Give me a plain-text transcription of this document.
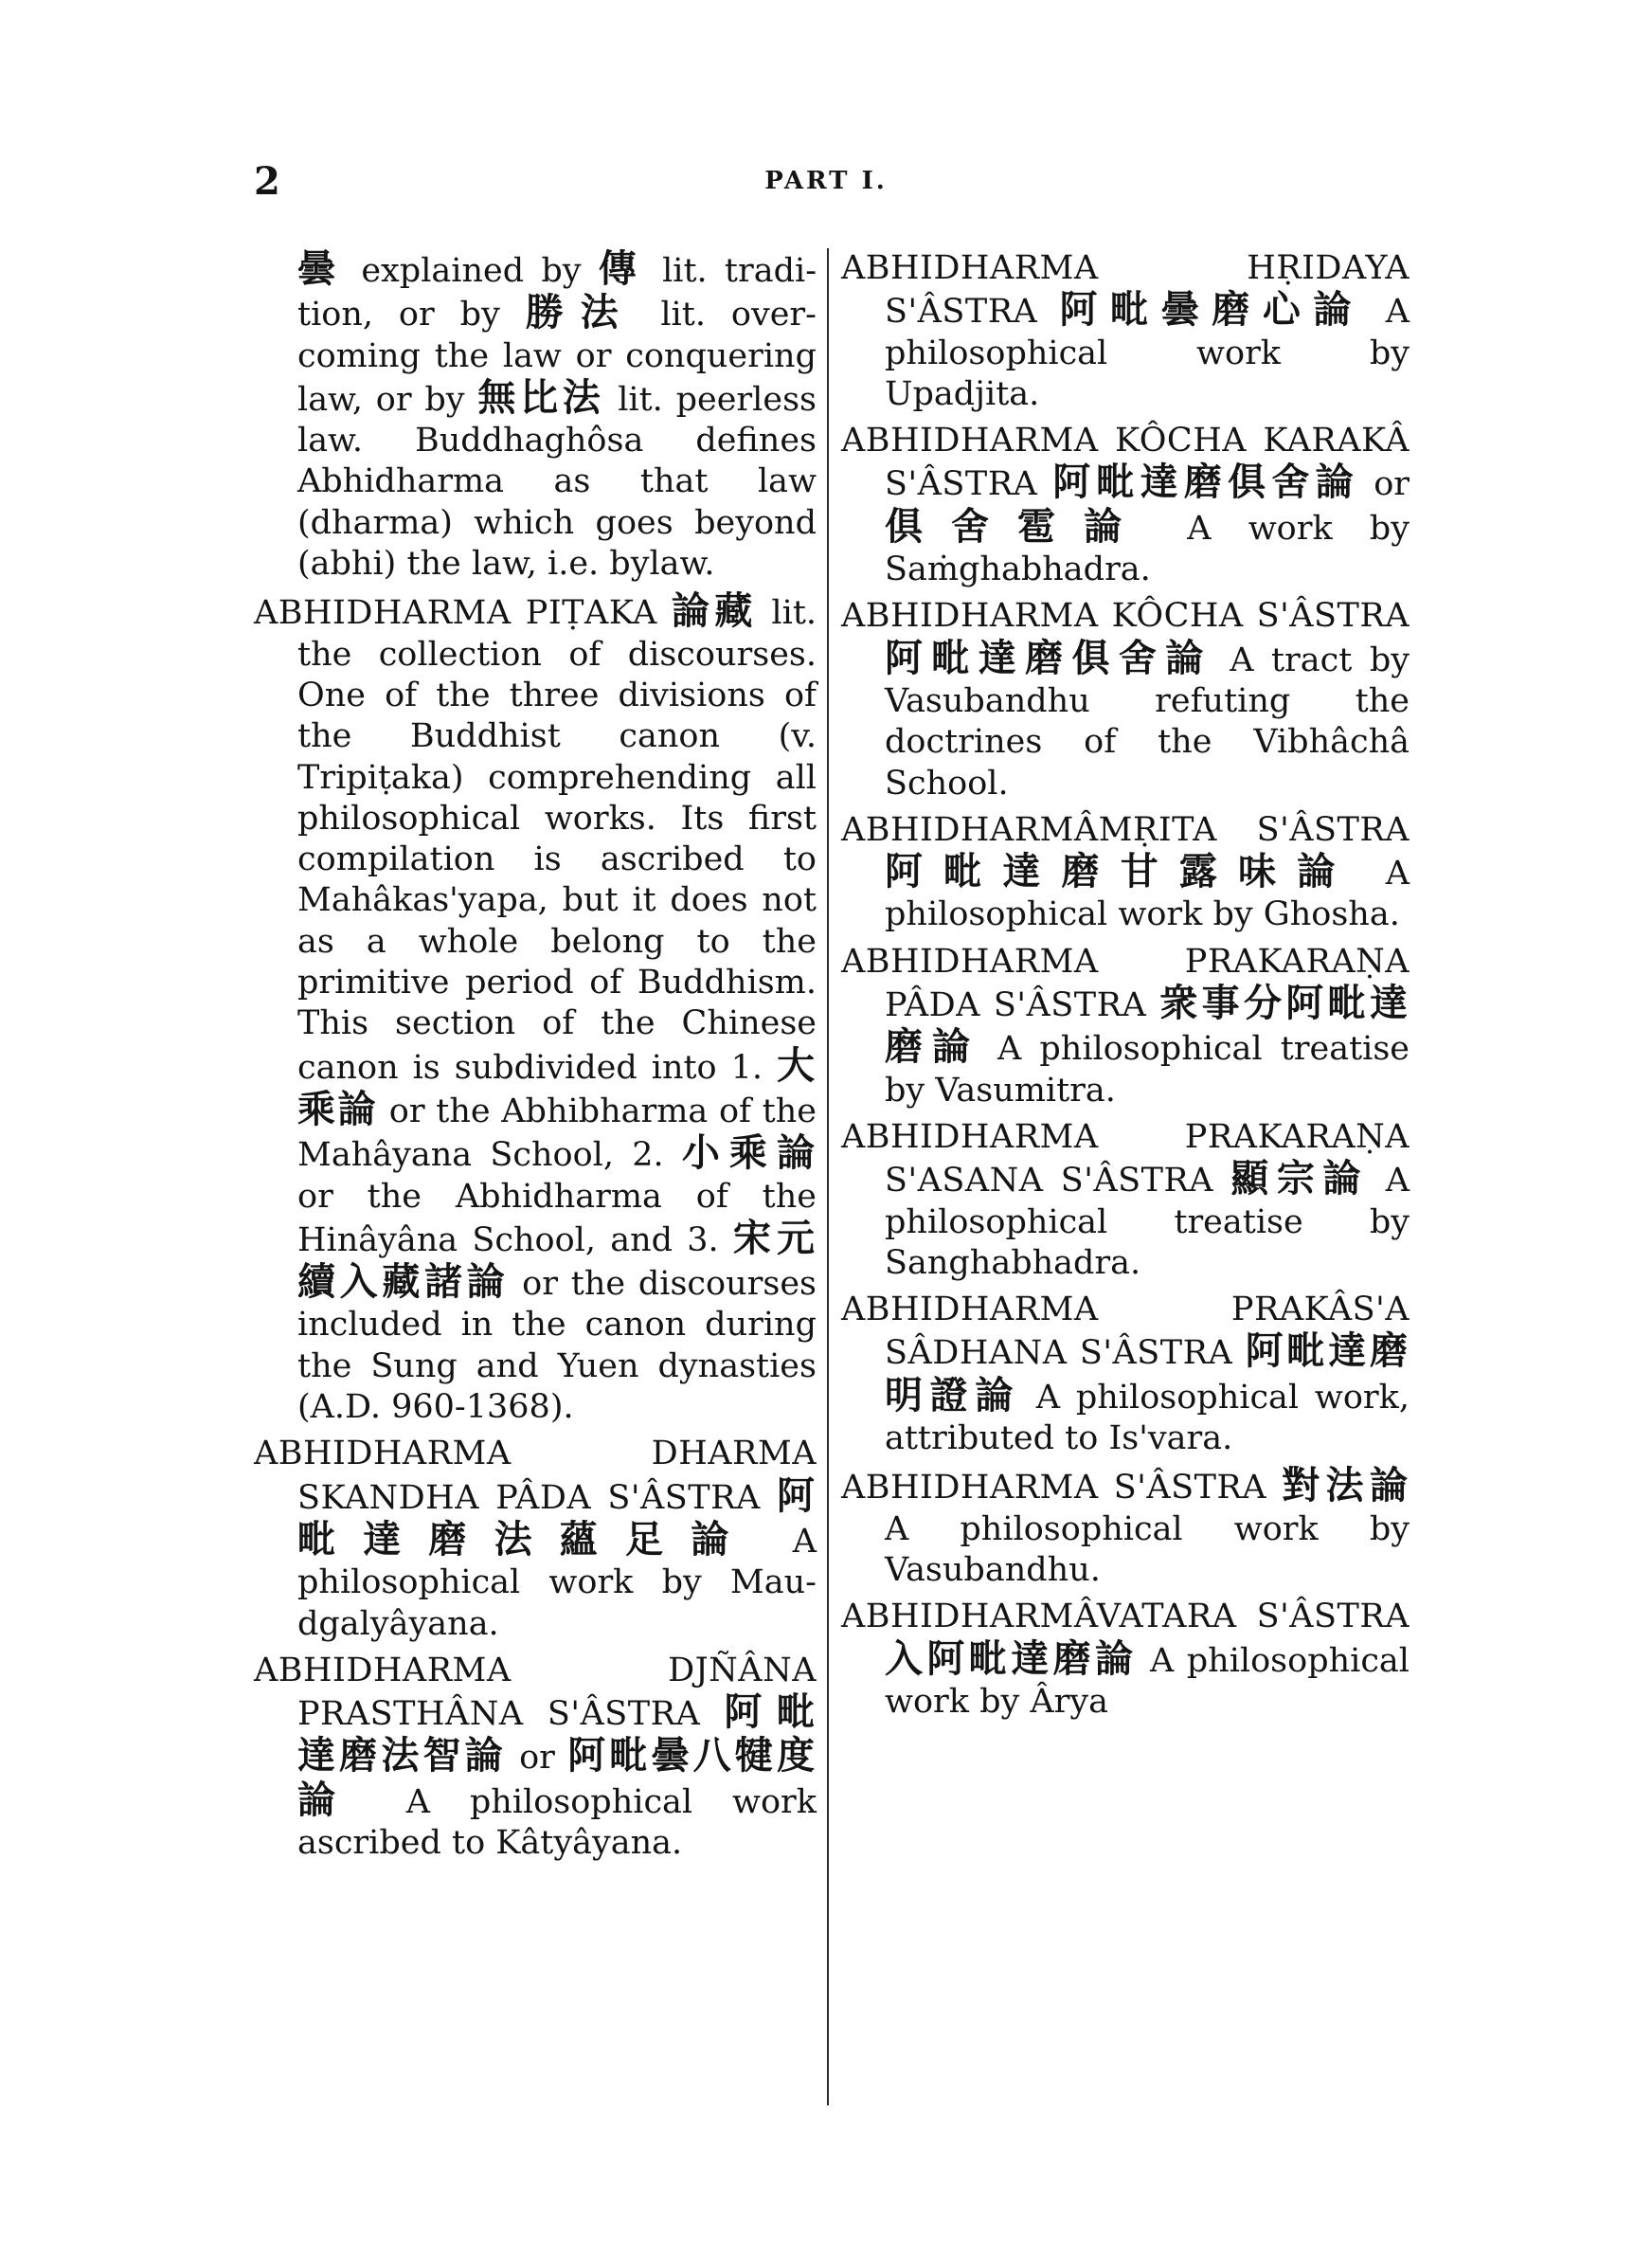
2	PART I.

曇 explained by 傳 lit. tradition, or by 勝法 lit. overcoming the law or conquering law, or by 無比法 lit. peerless law. Buddhaghôsa defines Abhidharma as that law (dharma) which goes beyond (abhi) the law, i.e. bylaw.

ABHIDHARMA PIṬAKA 論藏 lit. the collection of discourses. One of the three divisions of the Buddhist canon (v. Tripiṭaka) comprehending all philosophical works. Its first compilation is ascribed to Mahâkas'yapa, but it does not as a whole belong to the primitive period of Buddhism. This section of the Chinese canon is subdivided into 1. 大乘論 or the Abhibharma of the Mahâyana School, 2. 小乘論 or the Abhidharma of the Hinâyâna School, and 3. 宋元續入藏諸論 or the discourses included in the canon during the Sung and Yuen dynasties (A.D. 960-1368).

ABHIDHARMA DHARMA SKANDHA PÂDA S'ÂSTRA 阿毗達磨法蘊足論 A philosophical work by Maudgalyâyana.

ABHIDHARMA DJÑÂNA PRASTHÂNA S'ÂSTRA 阿毗達磨法智論 or 阿毗曇八犍度論 A philosophical work ascribed to Kâtyâyana.

ABHIDHARMA HṚIDAYA S'ÂSTRA 阿毗曇磨心論 A philosophical work by Upadjita.

ABHIDHARMA KÔCHA KARAKÂ S'ÂSTRA 阿毗達磨俱舍論 or 俱舍雹論 A work by Saṁghabhadra.

ABHIDHARMA KÔCHA S'ÂSTRA 阿毗達磨俱舍論 A tract by Vasubandhu refuting the doctrines of the Vibhâchâ School.

ABHIDHARMÂMṚITA S'ÂSTRA 阿毗達磨甘露味論 A philosophical work by Ghosha.

ABHIDHARMA PRAKARAṆA PÂDA S'ÂSTRA 衆事分阿毗達磨論 A philosophical treatise by Vasumitra.

ABHIDHARMA PRAKARAṆA S'ASANA S'ÂSTRA 顯宗論 A philosophical treatise by Sanghabhadra.

ABHIDHARMA PRAKÂS'A SÂDHANA S'ÂSTRA 阿毗達磨明證論 A philosophical work, attributed to Is'vara.

ABHIDHARMA S'ÂSTRA 對法論 A philosophical work by Vasubandhu.

ABHIDHARMÂVATARA S'ÂSTRA 入阿毗達磨論 A philosophical work by Ârya
